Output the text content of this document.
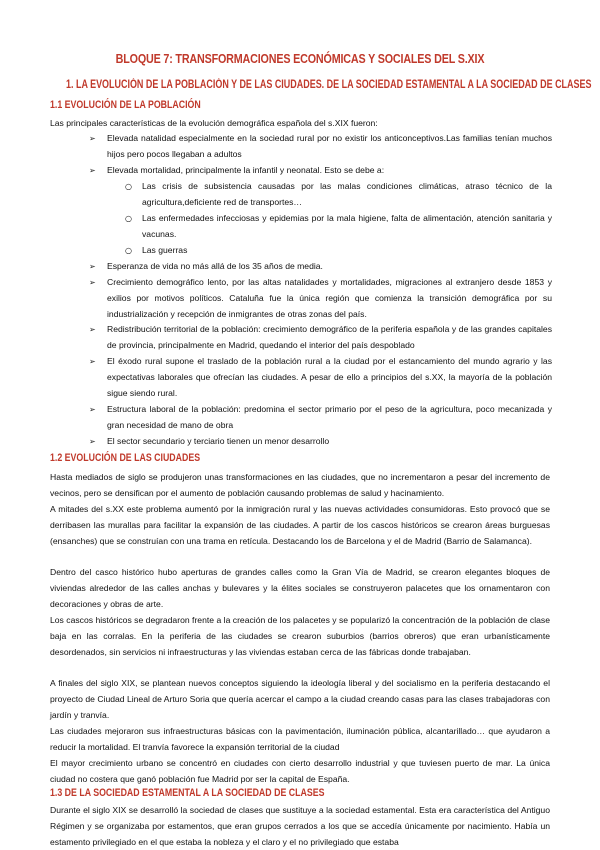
BLOQUE 7: TRANSFORMACIONES ECONÓMICAS Y SOCIALES DEL S.XIX
1. LA EVOLUCIÓN DE LA POBLACIÓN Y DE LAS CIUDADES. DE LA SOCIEDAD ESTAMENTAL A LA SOCIEDAD DE CLASES
1.1 EVOLUCIÓN DE LA POBLACIÓN

Las principales características de la evolución demográfica española del s.XIX fueron:

➢ Elevada natalidad especialmente en la sociedad rural por no existir los anticonceptivos.Las familias tenían muchos hijos pero pocos llegaban a adultos

➢ Elevada mortalidad, principalmente la infantil y neonatal. Esto se debe a:

○ Las crisis de subsistencia causadas por las malas condiciones climáticas, atraso técnico de la agricultura,deficiente red de transportes…

○ Las enfermedades infecciosas y epidemias por la mala higiene, falta de alimentación, atención sanitaria y vacunas.

○ Las guerras

➢ Esperanza de vida no más allá de los 35 años de media.

➢ Crecimiento demográfico lento, por las altas natalidades y mortalidades, migraciones al extranjero desde 1853 y exilios por motivos políticos. Cataluña fue la única región que comienza la transición demográfica por su industrialización y recepción de inmigrantes de otras zonas del país.

➢ Redistribución territorial de la población: crecimiento demográfico de la periferia española y de las grandes capitales de provincia, principalmente en Madrid, quedando el interior del país despoblado

➢ El éxodo rural supone el traslado de la población rural a la ciudad por el estancamiento del mundo agrario y las expectativas laborales que ofrecían las ciudades. A pesar de ello a principios del s.XX, la mayoría de la población sigue siendo rural.

➢ Estructura laboral de la población: predomina el sector primario por el peso de la agricultura, poco mecanizada y gran necesidad de mano de obra

➢ El sector secundario y terciario tienen un menor desarrollo

1.2 EVOLUCIÓN DE LAS CIUDADES

Hasta mediados de siglo se produjeron unas transformaciones en las ciudades, que no incrementaron a pesar del incremento de vecinos, pero se densifican por el aumento de población causando problemas de salud y hacinamiento.

A mitades del s.XX este problema aumentó por la inmigración rural y las nuevas actividades consumidoras. Esto provocó que se derribasen las murallas para facilitar la expansión de las ciudades. A partir de los cascos históricos se crearon áreas burguesas (ensanches) que se construían con una trama en retícula. Destacando los de Barcelona y el de Madrid (Barrio de Salamanca).

Dentro del casco histórico hubo aperturas de grandes calles como la Gran Vía de Madrid, se crearon elegantes bloques de viviendas alrededor de las calles anchas y bulevares y la élites sociales se construyeron palacetes que los ornamentaron con decoraciones y obras de arte.

Los cascos históricos se degradaron frente a la creación de los palacetes y se popularizó la concentración de la población de clase baja en las corralas. En la periferia de las ciudades se crearon suburbios (barrios obreros) que eran urbanísticamente desordenados, sin servicios ni infraestructuras y las viviendas estaban cerca de las fábricas donde trabajaban.

A finales del siglo XIX, se plantean nuevos conceptos siguiendo la ideología liberal y del socialismo en la periferia destacando el proyecto de Ciudad Lineal de Arturo Soria que quería acercar el campo a la ciudad creando casas para las clases trabajadoras con jardín y tranvía.

Las ciudades mejoraron sus infraestructuras básicas con la pavimentación, iluminación pública, alcantarillado… que ayudaron a reducir la mortalidad. El tranvía favorece la expansión territorial de la ciudad

El mayor crecimiento urbano se concentró en ciudades con cierto desarrollo industrial y que tuviesen puerto de mar. La única ciudad no costera que ganó población fue Madrid por ser la capital de España.

1.3 DE LA SOCIEDAD ESTAMENTAL A LA SOCIEDAD DE CLASES

Durante el siglo XIX se desarrolló la sociedad de clases que sustituye a la sociedad estamental. Esta era característica del Antiguo Régimen y se organizaba por estamentos, que eran grupos cerrados a los que se accedía únicamente por nacimiento. Había un estamento privilegiado en el que estaba la nobleza y el claro y el no privilegiado que estaba
